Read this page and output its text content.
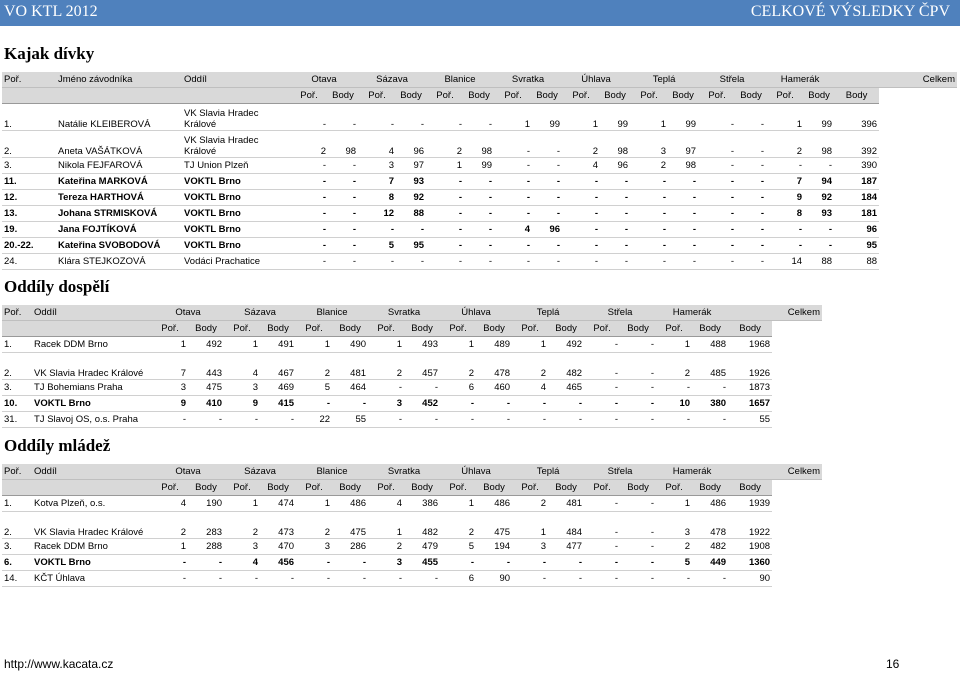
VO KTL 2012	CELKOVÉ VÝSLEDKY ČPV
Kajak dívky
Poř.	Jméno závodníka	Oddíl	Otava		Sázava		Blanice		Svratka		Úhlava		Teplá		Střela		Hamerák		Celkem
			Poř.	Body	Poř.	Body	Poř.	Body	Poř.	Body	Poř.	Body	Poř.	Body	Poř.	Body	Poř.	Body	Body
1.	Natálie KLEIBEROVÁ	VK Slavia Hradec Králové	-	-	-	-	-	-	1	99	1	99	1	99	-	-	1	99	396
2.	Aneta VAŠÁTKOVÁ	VK Slavia Hradec Králové	2	98	4	96	2	98	-	-	2	98	3	97	-	-	2	98	392
3.	Nikola FEJFAROVÁ	TJ Union Plzeň	-	-	3	97	1	99	-	-	4	96	2	98	-	-	-	-	390
11.	Kateřina MARKOVÁ	VOKTL Brno	-	-	7	93	-	-	-	-	-	-	-	-	-	-	7	94	187
12.	Tereza HARTHOVÁ	VOKTL Brno	-	-	8	92	-	-	-	-	-	-	-	-	-	-	9	92	184
13.	Johana STRMISKOVÁ	VOKTL Brno	-	-	12	88	-	-	-	-	-	-	-	-	-	-	8	93	181
19.	Jana FOJTÍKOVÁ	VOKTL Brno	-	-	-	-	-	-	4	96	-	-	-	-	-	-	-	-	96
20.-22.	Kateřina SVOBODOVÁ	VOKTL Brno	-	-	5	95	-	-	-	-	-	-	-	-	-	-	-	-	95
24.	Klára STEJKOZOVÁ	Vodáci Prachatice	-	-	-	-	-	-	-	-	-	-	-	-	-	-	14	88	88
Oddíly dospělí
Poř.	Oddíl	Otava		Sázava		Blanice		Svratka		Úhlava		Teplá		Střela		Hamerák		Celkem
		Poř.	Body	Poř.	Body	Poř.	Body	Poř.	Body	Poř.	Body	Poř.	Body	Poř.	Body	Poř.	Body	Body
1.	Racek DDM Brno	1	492	1	491	1	490	1	493	1	489	1	492	-	-	1	488	1968
2.	VK Slavia Hradec Králové	7	443	4	467	2	481	2	457	2	478	2	482	-	-	2	485	1926
3.	TJ Bohemians Praha	3	475	3	469	5	464	-	-	6	460	4	465	-	-	-	-	1873
10.	VOKTL Brno	9	410	9	415	-	-	3	452	-	-	-	-	-	-	10	380	1657
31.	TJ Slavoj OS, o.s. Praha	-	-	-	-	22	55	-	-	-	-	-	-	-	-	-	-	55
Oddíly mládež
Poř.	Oddíl	Otava		Sázava		Blanice		Svratka		Úhlava		Teplá		Střela		Hamerák		Celkem
		Poř.	Body	Poř.	Body	Poř.	Body	Poř.	Body	Poř.	Body	Poř.	Body	Poř.	Body	Poř.	Body	Body
1.	Kotva Plzeň, o.s.	4	190	1	474	1	486	4	386	1	486	2	481	-	-	1	486	1939
2.	VK Slavia Hradec Králové	2	283	2	473	2	475	1	482	2	475	1	484	-	-	3	478	1922
3.	Racek DDM Brno	1	288	3	470	3	286	2	479	5	194	3	477	-	-	2	482	1908
6.	VOKTL Brno	-	-	4	456	-	-	3	455	-	-	-	-	-	-	5	449	1360
14.	KČT Úhlava	-	-	-	-	-	-	-	-	6	90	-	-	-	-	-	-	90
http://www.kacata.cz	16
